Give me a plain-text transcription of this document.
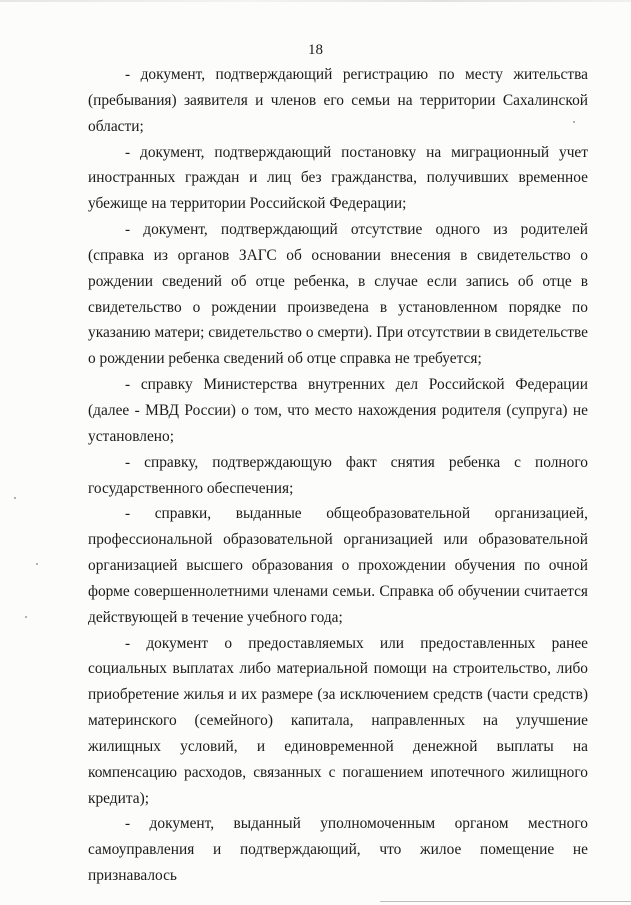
18

- документ, подтверждающий регистрацию по месту жительства (пребывания) заявителя и членов его семьи на территории Сахалинской области;

- документ, подтверждающий постановку на миграционный учет иностранных граждан и лиц без гражданства, получивших временное убежище на территории Российской Федерации;

- документ, подтверждающий отсутствие одного из родителей (справка из органов ЗАГС об основании внесения в свидетельство о рождении сведений об отце ребенка, в случае если запись об отце в свидетельство о рождении произведена в установленном порядке по указанию матери; свидетельство о смерти). При отсутствии в свидетельстве о рождении ребенка сведений об отце справка не требуется;

- справку Министерства внутренних дел Российской Федерации (далее - МВД России) о том, что место нахождения родителя (супруга) не установлено;

- справку, подтверждающую факт снятия ребенка с полного государственного обеспечения;

- справки, выданные общеобразовательной организацией, профессиональной образовательной организацией или образовательной организацией высшего образования о прохождении обучения по очной форме совершеннолетними членами семьи. Справка об обучении считается действующей в течение учебного года;

- документ о предоставляемых или предоставленных ранее социальных выплатах либо материальной помощи на строительство, либо приобретение жилья и их размере (за исключением средств (части средств) материнского (семейного) капитала, направленных на улучшение жилищных условий, и единовременной денежной выплаты на компенсацию расходов, связанных с погашением ипотечного жилищного кредита);

- документ, выданный уполномоченным органом местного самоуправления и подтверждающий, что жилое помещение не признавалось
